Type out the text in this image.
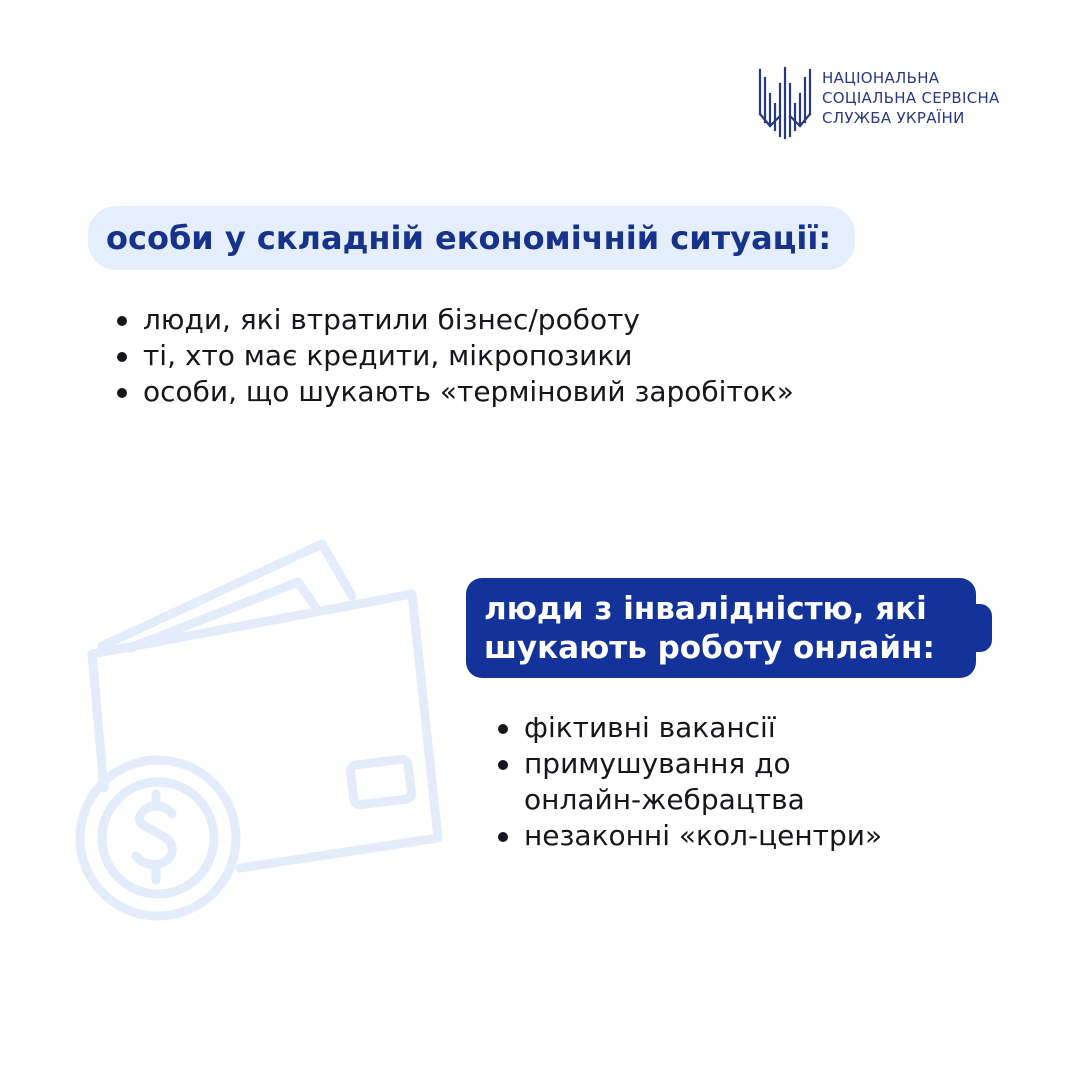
НАЦІОНАЛЬНА
СОЦІАЛЬНА СЕРВІСНА
СЛУЖБА УКРАЇНИ
особи у складній економічній ситуації:
люди, які втратили бізнес/роботу
ті, хто має кредити, мікропозики
особи, що шукають «терміновий заробіток»
люди з інвалідністю, які
шукають роботу онлайн:
фіктивні вакансії
примушування до онлайн-жебрацтва
незаконні «кол-центри»
